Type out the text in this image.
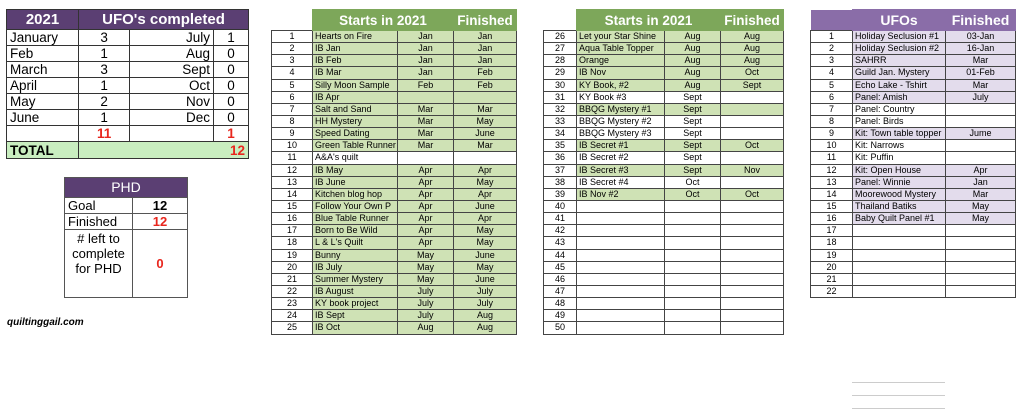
2021	UFO's completed		
January	3	July	1
Feb	1	Aug	0
March	3	Sept	0
April	1	Oct	0
May	2	Nov	0
June	1	Dec	0
	11		1
TOTAL	12		
PHD
Goal	12
Finished	12
# left to complete for PHD	0
quiltinggail.com
	Starts in 2021		Finished
1	Hearts on Fire	Jan	Jan
2	IB Jan	Jan	Jan
3	IB Feb	Jan	Jan
4	IB Mar	Jan	Feb
5	Silly Moon Sample	Feb	Feb
6	IB Apr		
7	Salt and Sand	Mar	Mar
8	HH Mystery	Mar	May
9	Speed Dating	Mar	June
10	Green Table Runner	Mar	Mar
11	A&A's quilt		
12	IB May	Apr	Apr
13	IB June	Apr	May
14	Kitchen blog hop	Apr	Apr
15	Follow Your Own P	Apr	June
16	Blue Table Runner	Apr	Apr
17	Born to Be Wild	Apr	May
18	L & L's Quilt	Apr	May
19	Bunny	May	June
20	IB July	May	May
21	Summer Mystery	May	June
22	IB August	July	July
23	KY book project	July	July
24	IB Sept	July	Aug
25	IB Oct	Aug	Aug
	Starts in 2021		Finished
26	Let your Star Shine	Aug	Aug
27	Aqua Table Topper	Aug	Aug
28	Orange	Aug	Aug
29	IB Nov	Aug	Oct
30	KY Book, #2	Aug	Sept
31	KY Book #3	Sept	
32	BBQG Mystery #1	Sept	
33	BBQG Mystery #2	Sept	
34	BBQG Mystery #3	Sept	
35	IB Secret #1	Sept	Oct
36	IB Secret #2	Sept	
37	IB Secret #3	Sept	Nov
38	IB Secret #4	Oct	
39	IB Nov #2	Oct	Oct
40			
41			
42			
43			
44			
45			
46			
47			
48			
49			
50			
	UFOs	Finished
1	Holiday Seclusion #1	03-Jan
2	Holiday Seclusion #2	16-Jan
3	SAHRR	Mar
4	Guild Jan. Mystery	01-Feb
5	Echo Lake - Tshirt	Mar
6	Panel: Amish	July
7	Panel: Country	
8	Panel: Birds	
9	Kit: Town table topper	Jume
10	Kit: Narrows	
11	Kit: Puffin	
12	Kit: Open House	Apr
13	Panel: Winnie	Jan
14	Moorewood Mystery	Mar
15	Thailand Batiks	May
16	Baby Quilt Panel #1	May
17		
18		
19		
20		
21		
22		
